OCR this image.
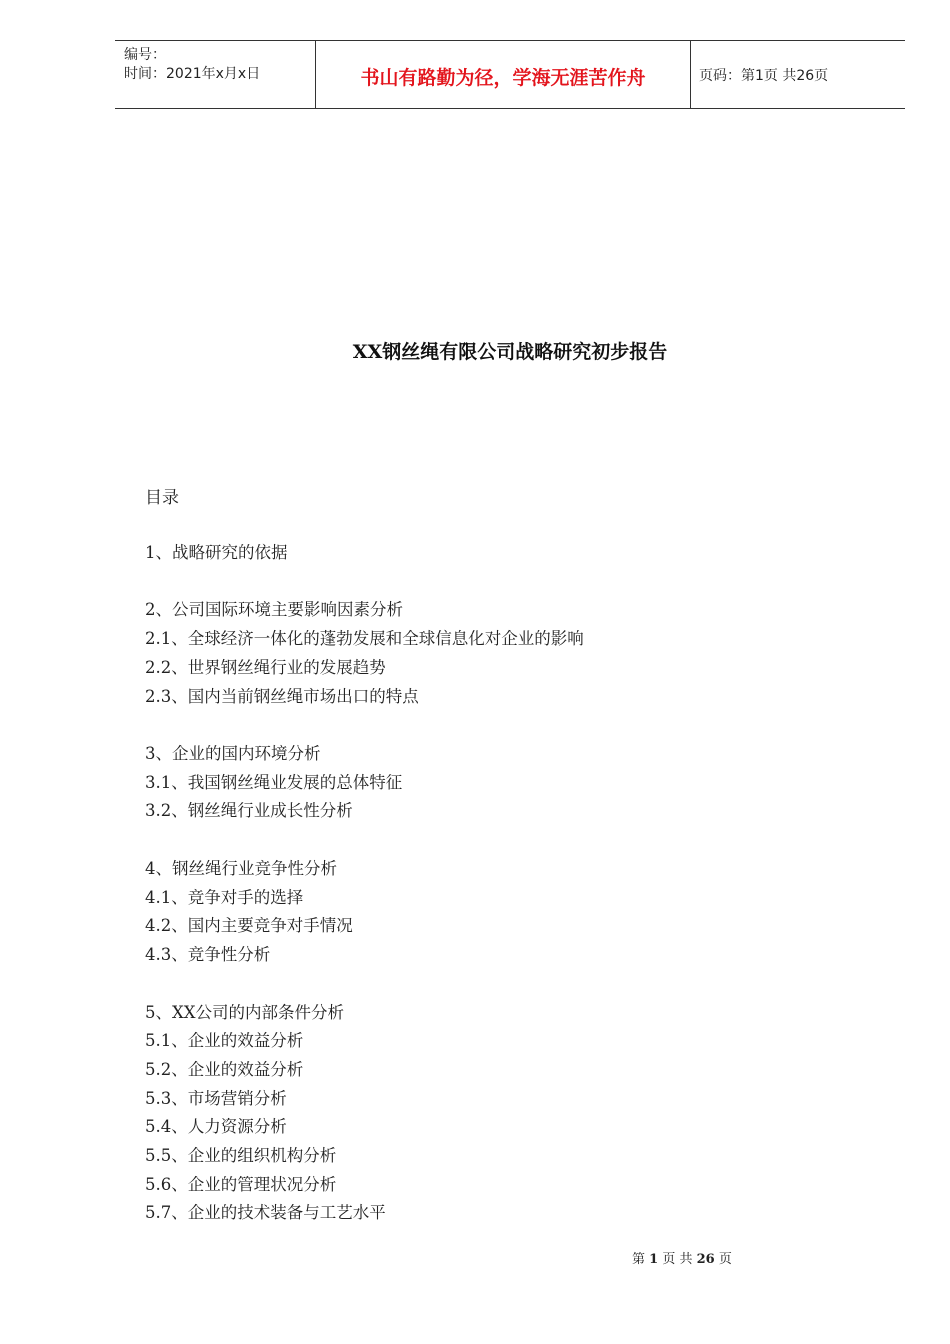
编号：
时间：2021年x月x日	书山有路勤为径，学海无涯苦作舟	页码：第1页 共26页
XX钢丝绳有限公司战略研究初步报告
目录
1、战略研究的依据
2、公司国际环境主要影响因素分析
2.1、全球经济一体化的蓬勃发展和全球信息化对企业的影响
2.2、世界钢丝绳行业的发展趋势
2.3、国内当前钢丝绳市场出口的特点
3、企业的国内环境分析
3.1、我国钢丝绳业发展的总体特征
3.2、钢丝绳行业成长性分析
4、钢丝绳行业竞争性分析
4.1、竞争对手的选择
4.2、国内主要竞争对手情况
4.3、竞争性分析
5、XX公司的内部条件分析
5.1、企业的效益分析
5.2、企业的效益分析
5.3、市场营销分析
5.4、人力资源分析
5.5、企业的组织机构分析
5.6、企业的管理状况分析
5.7、企业的技术装备与工艺水平
第 1 页 共 26 页
